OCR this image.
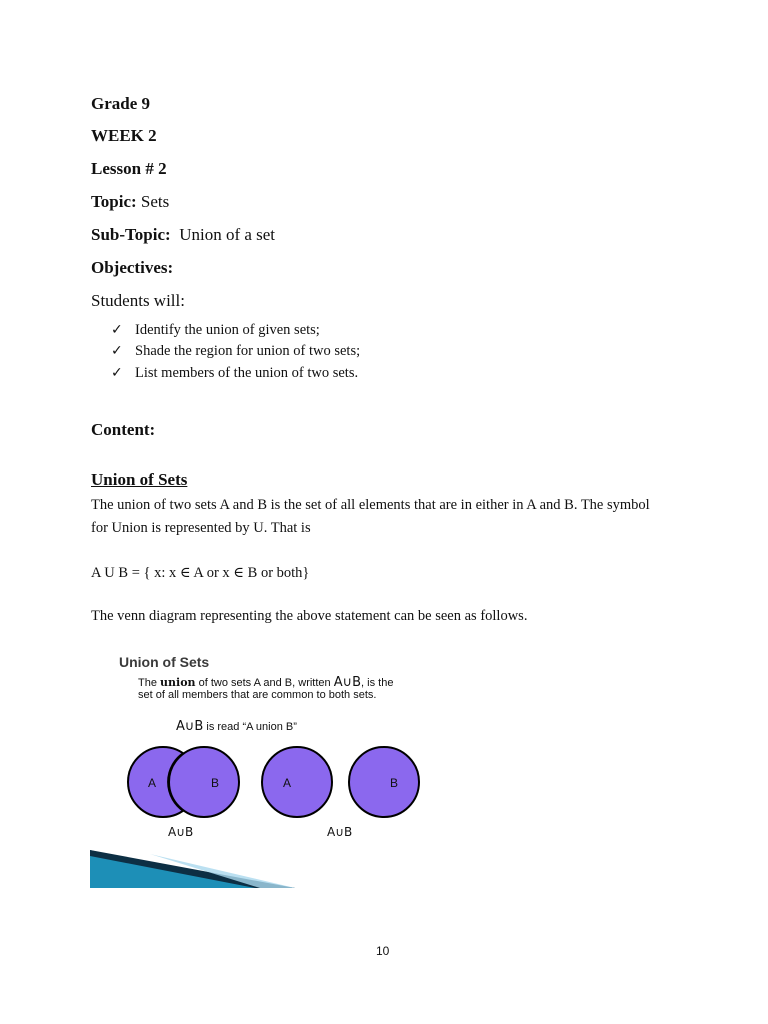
Grade 9
WEEK 2
Lesson # 2
Topic: Sets
Sub-Topic: Union of a set
Objectives:
Students will:
✓ Identify the union of given sets;
✓ Shade the region for union of two sets;
✓ List members of the union of two sets.
Content:
Union of Sets
The union of two sets A and B is the set of all elements that are in either in A and B. The symbol
for Union is represented by U. That is
A U B = { x: x ∈ A or x ∈ B or both}
The venn diagram representing the above statement can be seen as follows.
Union of Sets
The union of two sets A and B, written A∪B, is the
set of all members that are common to both sets.
A∪B is read “A union B”
A	B	A	B
A∪B	A∪B
10
